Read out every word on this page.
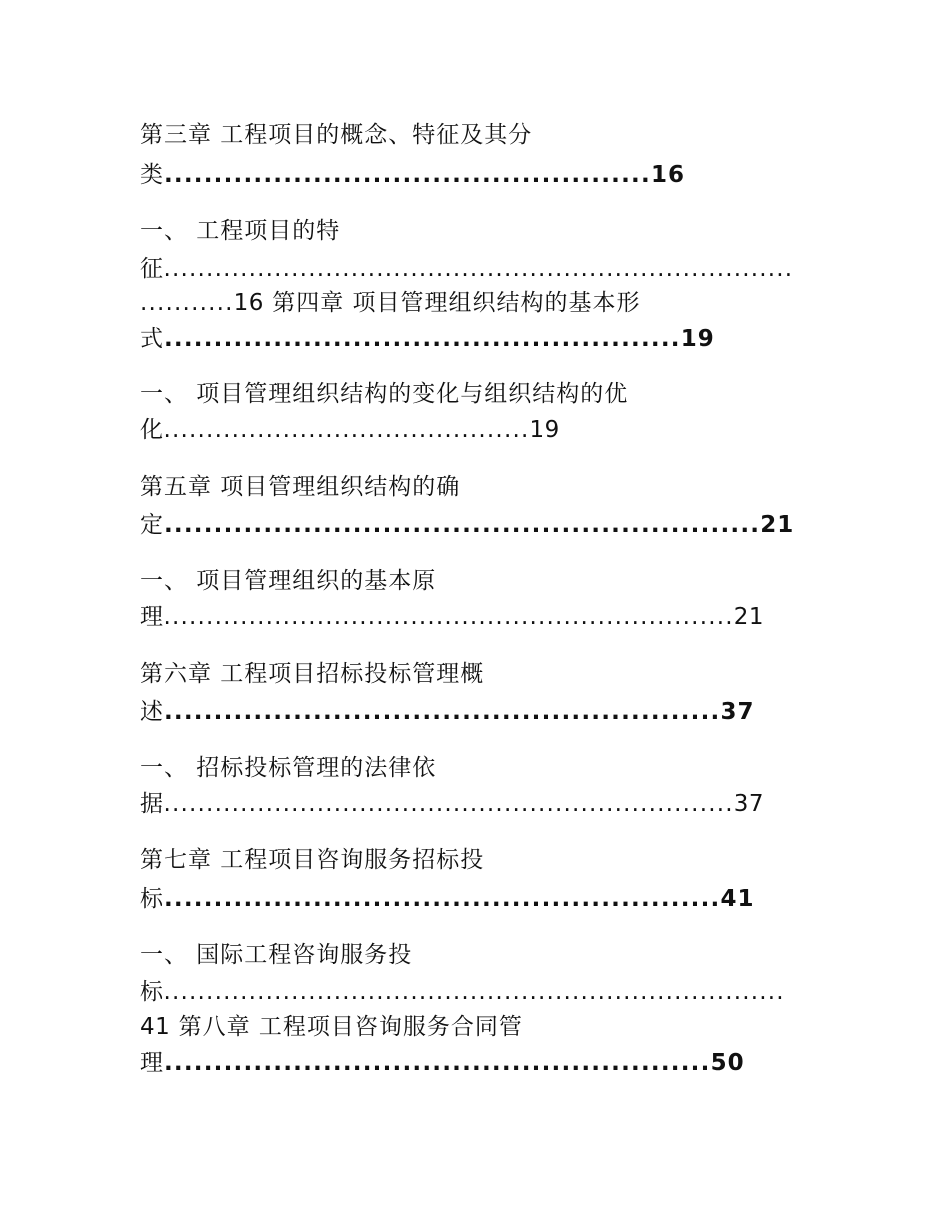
第三章 工程项目的概念、特征及其分
类.................................................16
一、 工程项目的特
征..........................................................................
...........16 第四章 项目管理组织结构的基本形
式....................................................19
一、 项目管理组织结构的变化与组织结构的优
化...........................................19
第五章 项目管理组织结构的确
定............................................................21
一、 项目管理组织的基本原
理...................................................................21
第六章 工程项目招标投标管理概
述........................................................37
一、 招标投标管理的法律依
据...................................................................37
第七章 工程项目咨询服务招标投
标........................................................41
一、 国际工程咨询服务投
标.........................................................................
41 第八章 工程项目咨询服务合同管
理.......................................................50
